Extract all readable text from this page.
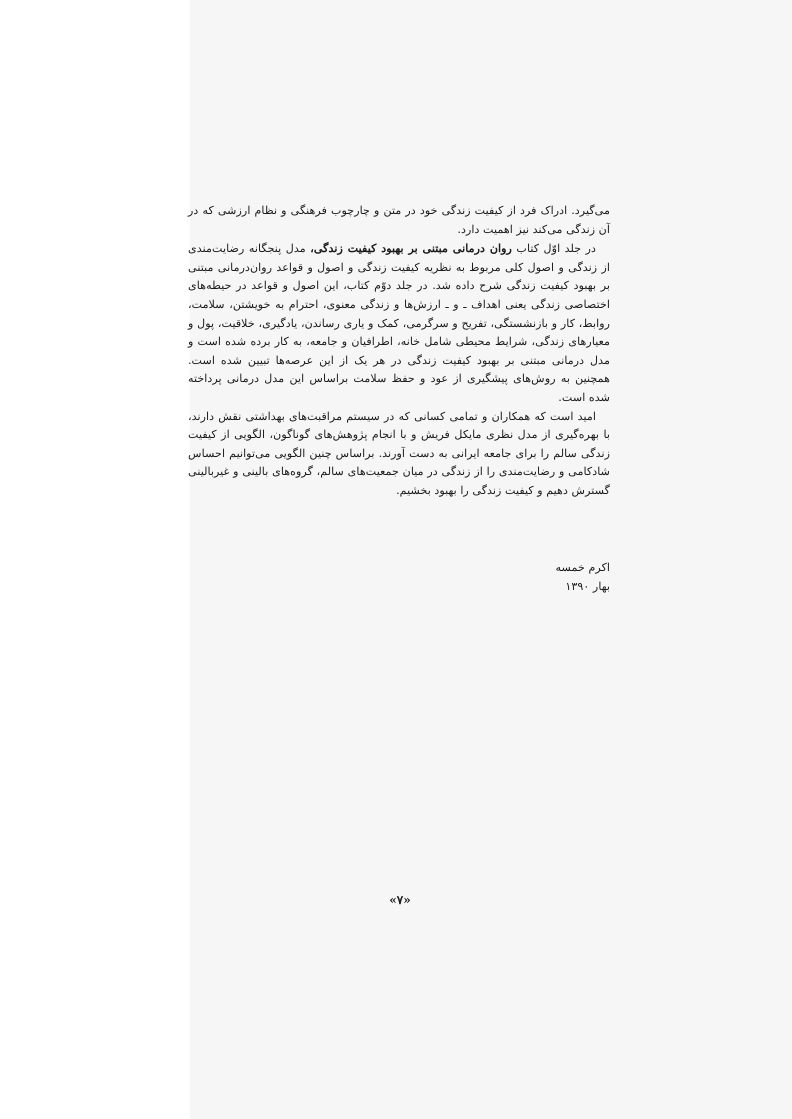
می‌گیرد. ادراک فرد از کیفیت زندگی خود در متن و چارچوب فرهنگی و نظام ارزشی که در آن زندگی می‌کند نیز اهمیت دارد.

در جلد اوّل کتاب روان درمانی مبتنی بر بهبود کیفیت زندگی، مدل پنجگانه رضایت‌مندی از زندگی و اصول کلی مربوط به نظریه کیفیت زندگی و اصول و قواعد روان‌درمانی مبتنی بر بهبود کیفیت زندگی شرح داده شد. در جلد دوّم کتاب، این اصول و قواعد در حیطه‌های اختصاصی زندگی یعنی اهداف ـ و ـ ارزش‌ها و زندگی معنوی، احترام به خویشتن، سلامت، روابط، کار و بازنشستگی، تفریح و سرگرمی، کمک و یاری رساندن، یادگیری، خلاقیت، پول و معیارهای زندگی، شرایط محیطی شامل خانه، اطرافیان و جامعه، به کار برده شده است و مدل درمانی مبتنی بر بهبود کیفیت زندگی در هر یک از این عرصه‌ها تبیین شده است. همچنین به روش‌های پیشگیری از عود و حفظ سلامت براساس این مدل درمانی پرداخته شده است.

امید است که همکاران و تمامی کسانی که در سیستم مراقبت‌های بهداشتی نقش دارند، با بهره‌گیری از مدل نظری مایکل فریش و با انجام پژوهش‌های گوناگون، الگویی از کیفیت زندگی سالم را برای جامعه ایرانی به دست آورند. براساس چنین الگویی می‌توانیم احساس شادکامی و رضایت‌مندی را از زندگی در میان جمعیت‌های سالم، گروه‌های بالینی و غیربالینی گسترش دهیم و کیفیت زندگی را بهبود بخشیم.

اکرم خمسه
بهار ۱۳۹۰
«۷»
